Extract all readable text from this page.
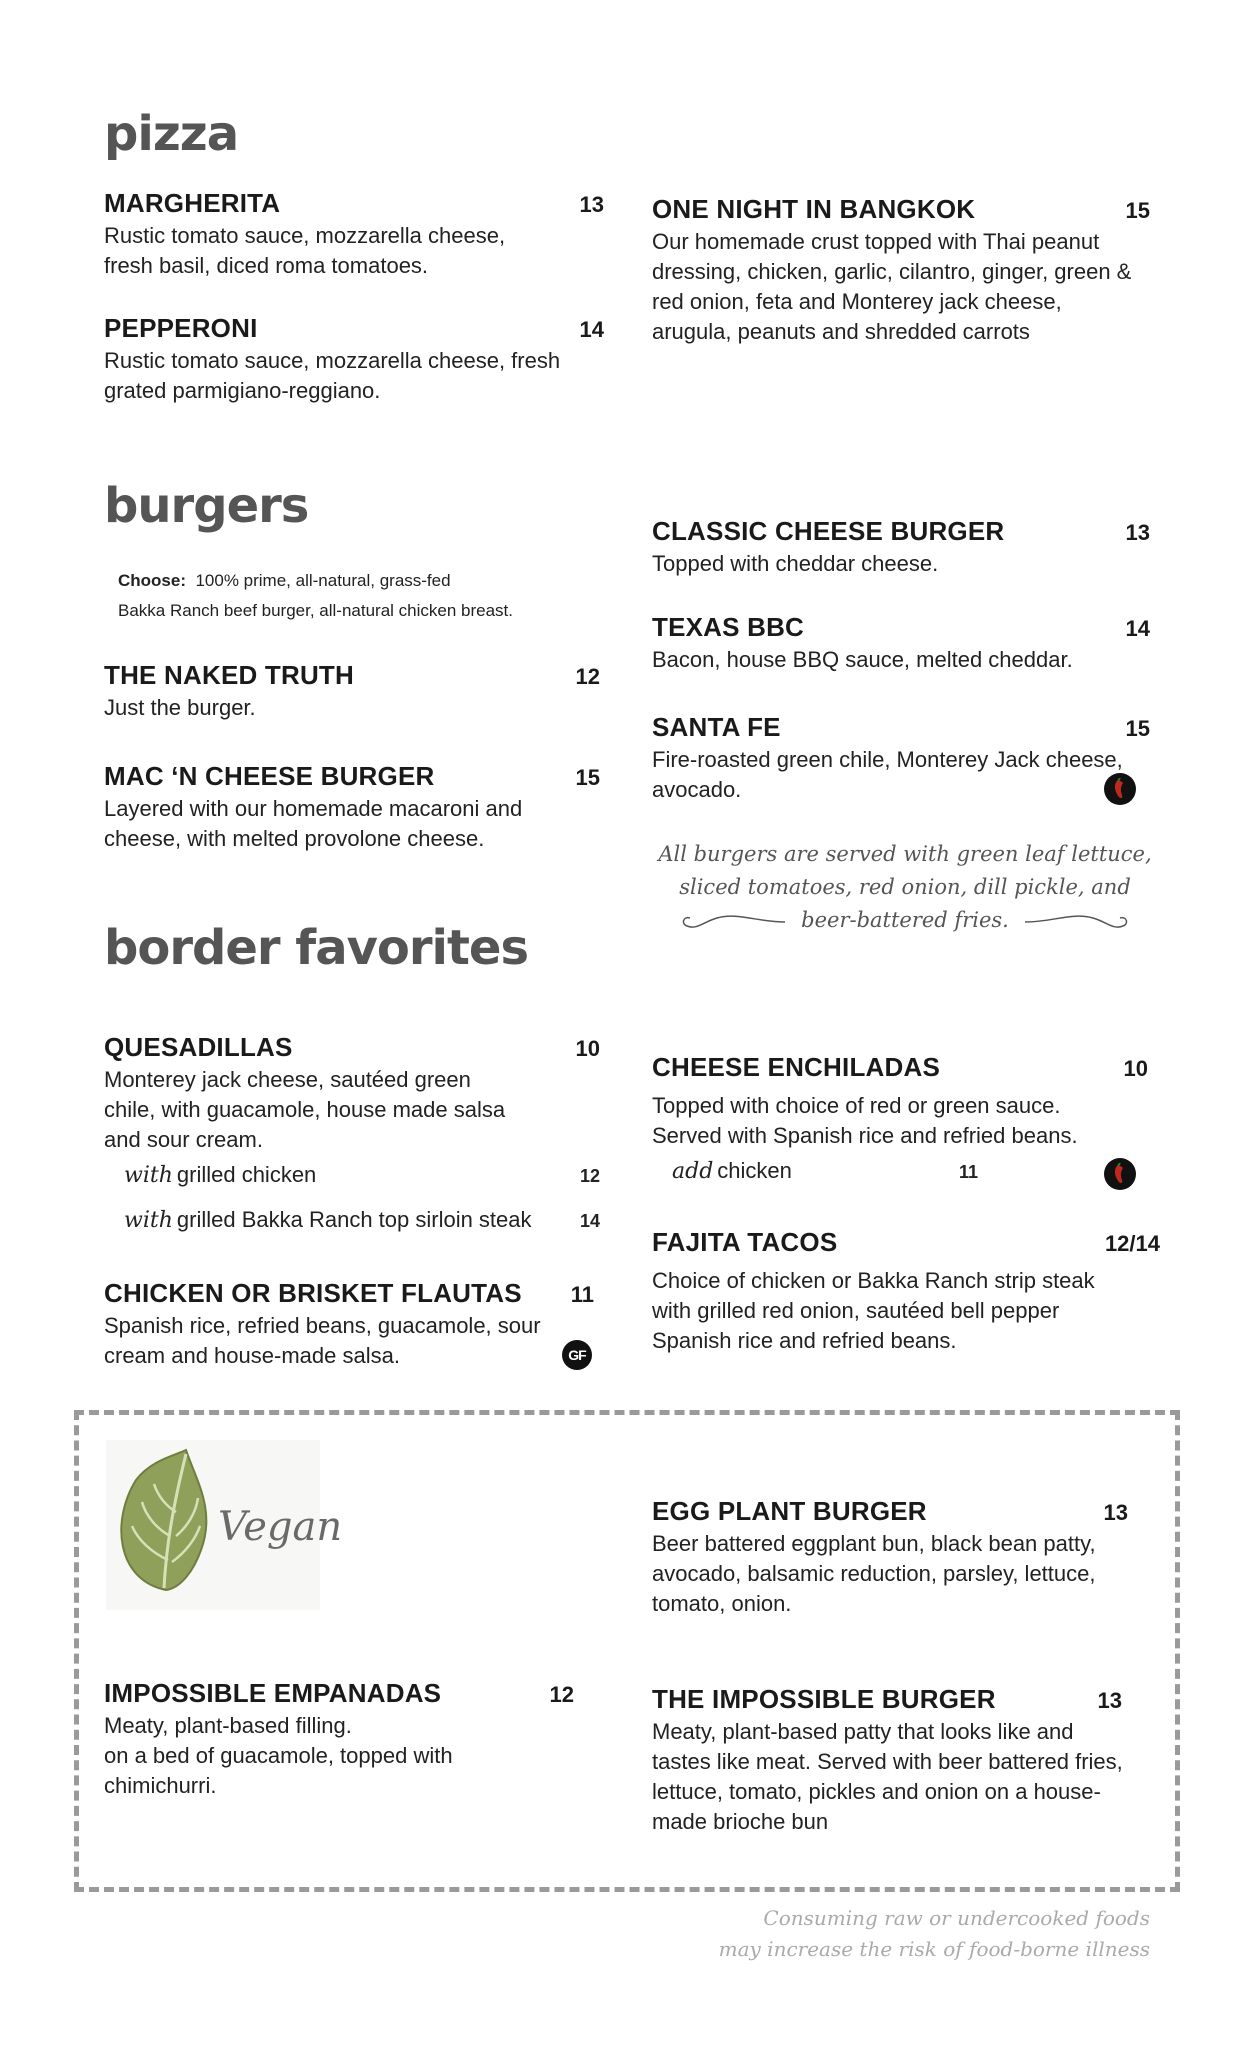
pizza
MARGHERITA	13
Rustic tomato sauce, mozzarella cheese, fresh basil, diced roma tomatoes.
PEPPERONI	14
Rustic tomato sauce, mozzarella cheese, fresh grated parmigiano-reggiano.
ONE NIGHT IN BANGKOK	15
Our homemade crust topped with Thai peanut dressing, chicken, garlic, cilantro, ginger, green & red onion, feta and Monterey jack cheese, arugula, peanuts and shredded carrots
burgers
Choose: 100% prime, all-natural, grass-fed
Bakka Ranch beef burger, all-natural chicken breast.
THE NAKED TRUTH	12
Just the burger.
MAC ‘N CHEESE BURGER	15
Layered with our homemade macaroni and cheese, with melted provolone cheese.
CLASSIC CHEESE BURGER	13
Topped with cheddar cheese.
TEXAS BBC	14
Bacon, house BBQ sauce, melted cheddar.
SANTA FE	15
Fire-roasted green chile, Monterey Jack cheese, avocado.
All burgers are served with green leaf lettuce,
sliced tomatoes, red onion, dill pickle, and
beer-battered fries.
border favorites
QUESADILLAS	10
Monterey jack cheese, sautéed green chile, with guacamole, house made salsa and sour cream.
with grilled chicken	12
with grilled Bakka Ranch top sirloin steak	14
CHICKEN OR BRISKET FLAUTAS 11
Spanish rice, refried beans, guacamole, sour cream and house-made salsa.	GF
CHEESE ENCHILADAS	10
Topped with choice of red or green sauce. Served with Spanish rice and refried beans.
add chicken	11
FAJITA TACOS	12/14
Choice of chicken or Bakka Ranch strip steak with grilled red onion, sautéed bell pepper Spanish rice and refried beans.
Vegan	EGG PLANT BURGER	13
Beer battered eggplant bun, black bean patty, avocado, balsamic reduction, parsley, lettuce, tomato, onion.
IMPOSSIBLE EMPANADAS	12
Meaty, plant-based filling.
on a bed of guacamole, topped with chimichurri.
THE IMPOSSIBLE BURGER	13
Meaty, plant-based patty that looks like and tastes like meat. Served with beer battered fries, lettuce, tomato, pickles and onion on a house-made brioche bun
Consuming raw or undercooked foods
may increase the risk of food-borne illness
